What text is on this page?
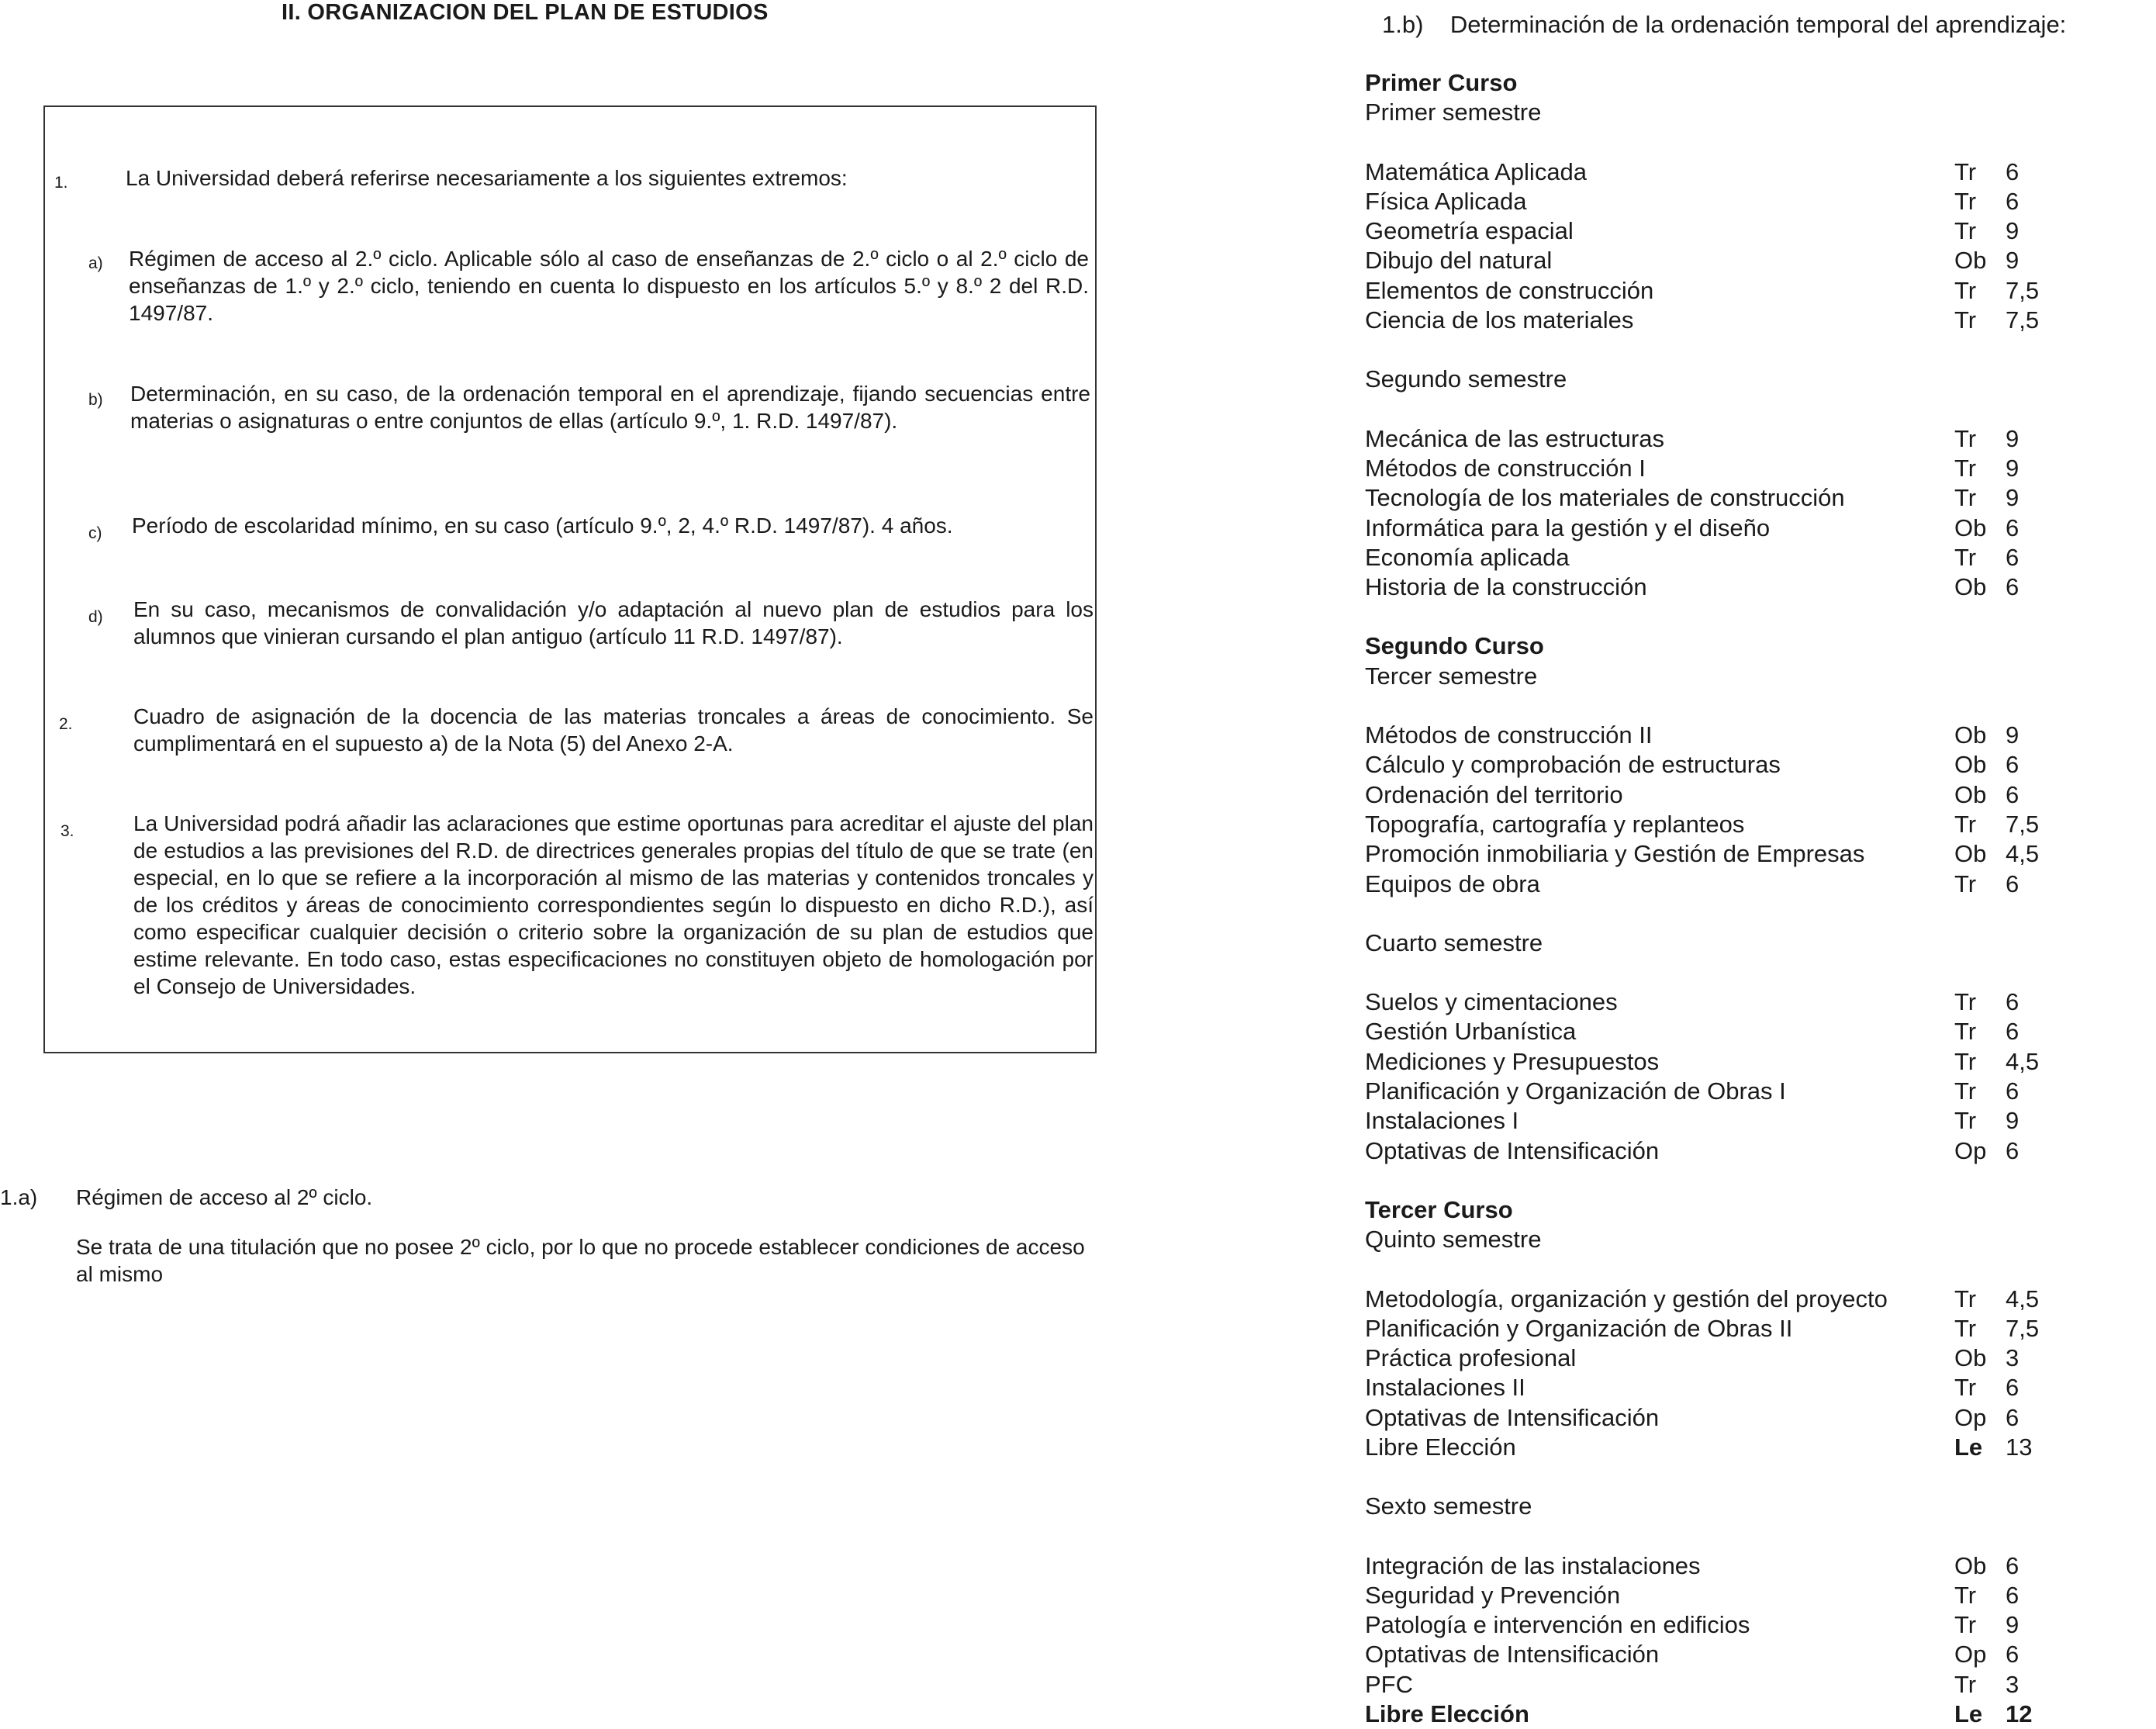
II. ORGANIZACION DEL PLAN DE ESTUDIOS
1.	La Universidad deberá referirse necesariamente a los siguientes extremos:
a) Régimen de acceso al 2.º ciclo. Aplicable sólo al caso de enseñanzas de 2.º ciclo o al 2.º ciclo de enseñanzas de 1.º y 2.º ciclo, teniendo en cuenta lo dispuesto en los artículos 5.º y 8.º 2 del R.D. 1497/87.
b) Determinación, en su caso, de la ordenación temporal en el aprendizaje, fijando secuencias entre materias o asignaturas o entre conjuntos de ellas (artículo 9.º, 1. R.D. 1497/87).
c) Período de escolaridad mínimo, en su caso (artículo 9.º, 2, 4.º R.D. 1497/87). 4 años.
d) En su caso, mecanismos de convalidación y/o adaptación al nuevo plan de estudios para los alumnos que vinieran cursando el plan antiguo (artículo 11 R.D. 1497/87).
2.	Cuadro de asignación de la docencia de las materias troncales a áreas de conocimiento. Se cumplimentará en el supuesto a) de la Nota (5) del Anexo 2-A.
3.	La Universidad podrá añadir las aclaraciones que estime oportunas para acreditar el ajuste del plan de estudios a las previsiones del R.D. de directrices generales propias del título de que se trate (en especial, en lo que se refiere a la incorporación al mismo de las materias y contenidos troncales y de los créditos y áreas de conocimiento correspondientes según lo dispuesto en dicho R.D.), así como especificar cualquier decisión o criterio sobre la organización de su plan de estudios que estime relevante. En todo caso, estas especificaciones no constituyen objeto de homologación por el Consejo de Universidades.
1.a) Régimen de acceso al 2º ciclo.
Se trata de una titulación que no posee 2º ciclo, por lo que no procede establecer condiciones de acceso al mismo
1.b) Determinación de la ordenación temporal del aprendizaje:
Primer Curso
Primer semestre
Matemática Aplicada	Tr	6
Física Aplicada	Tr	6
Geometría espacial	Tr	9
Dibujo del natural	Ob 9
Elementos de construcción	Tr	7,5
Ciencia de los materiales	Tr	7,5
Segundo semestre
Mecánica de las estructuras	Tr	9
Métodos de construcción I	Tr	9
Tecnología de los materiales de construcción	Tr	9
Informática para la gestión y el diseño	Ob 6
Economía aplicada	Tr	6
Historia de la construcción	Ob 6
Segundo Curso
Tercer semestre
Métodos de construcción II	Ob 9
Cálculo y comprobación de estructuras	Ob 6
Ordenación del territorio	Ob 6
Topografía, cartografía y replanteos	Tr	7,5
Promoción inmobiliaria y Gestión de Empresas	Ob 4,5
Equipos de obra	Tr	6
Cuarto semestre
Suelos y cimentaciones	Tr	6
Gestión Urbanística	Tr	6
Mediciones y Presupuestos	Tr	4,5
Planificación y Organización de Obras I	Tr	6
Instalaciones I	Tr	9
Optativas de Intensificación	Op 6
Tercer Curso
Quinto semestre
Metodología, organización y gestión del proyecto	Tr	4,5
Planificación y Organización de Obras II	Tr	7,5
Práctica profesional	Ob 3
Instalaciones II	Tr	6
Optativas de Intensificación	Op 6
Libre Elección	Le 13
Sexto semestre
Integración de las instalaciones	Ob 6
Seguridad y Prevención	Tr	6
Patología e intervención en edificios	Tr	9
Optativas de Intensificación	Op 6
PFC	Tr	3
Libre Elección	Le 12
